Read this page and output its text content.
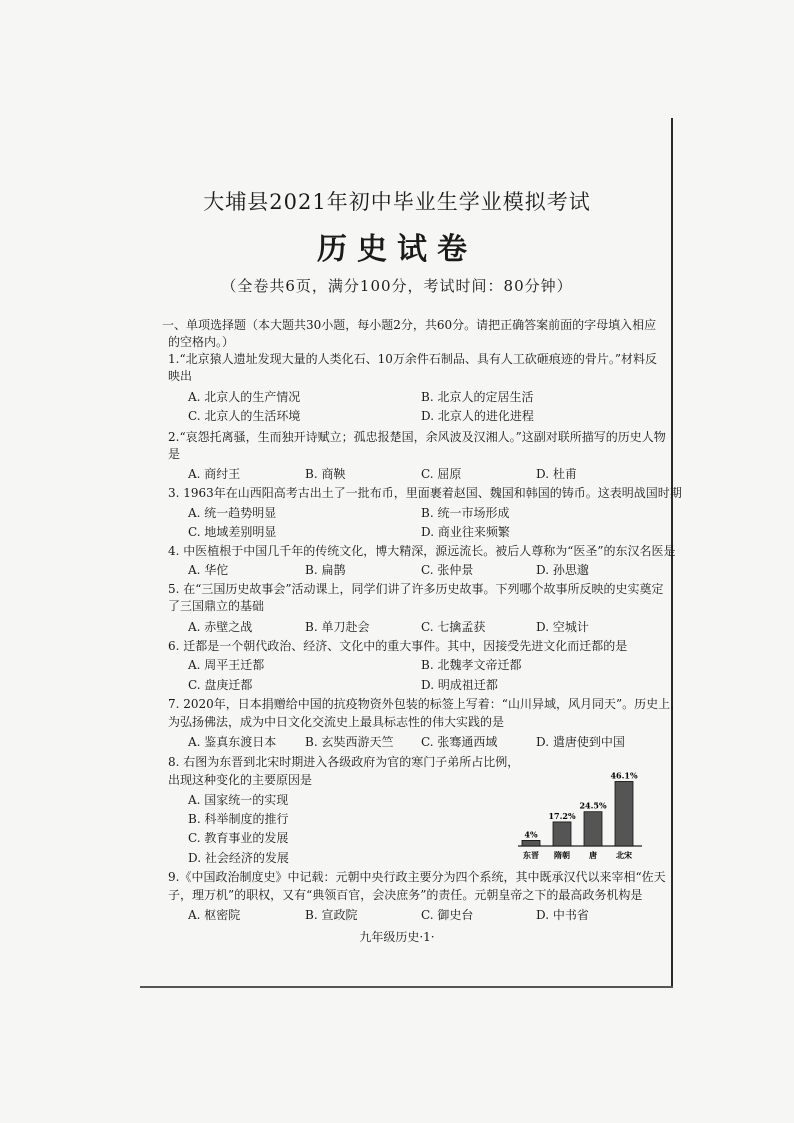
大埔县2021年初中毕业生学业模拟考试
历史试卷
（全卷共6页，满分100分，考试时间：80分钟）
一、单项选择题（本大题共30小题，每小题2分，共60分。请把正确答案前面的字母填入相应
的空格内。）
1.“北京猿人遗址发现大量的人类化石、10万余件石制品、具有人工砍砸痕迹的骨片。”材料反
映出
A. 北京人的生产情况	B. 北京人的定居生活
C. 北京人的生活环境	D. 北京人的进化进程
2.“哀怨托离骚，生而独开诗赋立；孤忠报楚国，余风波及汉湘人。”这副对联所描写的历史人物
是
A. 商纣王	B. 商鞅	C. 屈原	D. 杜甫
3. 1963年在山西阳高考古出土了一批布币，里面裹着赵国、魏国和韩国的铸币。这表明战国时期
A. 统一趋势明显	B. 统一市场形成
C. 地域差别明显	D. 商业往来频繁
4. 中医植根于中国几千年的传统文化，博大精深，源远流长。被后人尊称为“医圣”的东汉名医是
A. 华佗	B. 扁鹊	C. 张仲景	D. 孙思邈
5. 在“三国历史故事会”活动课上，同学们讲了许多历史故事。下列哪个故事所反映的史实奠定
了三国鼎立的基础
A. 赤壁之战	B. 单刀赴会	C. 七擒孟获	D. 空城计
6. 迁都是一个朝代政治、经济、文化中的重大事件。其中，因接受先进文化而迁都的是
A. 周平王迁都	B. 北魏孝文帝迁都
C. 盘庚迁都	D. 明成祖迁都
7. 2020年，日本捐赠给中国的抗疫物资外包装的标签上写着：“山川异域，风月同天”。历史上，
为弘扬佛法，成为中日文化交流史上最具标志性的伟大实践的是
A. 鉴真东渡日本 B. 玄奘西游天竺 C. 张骞通西域	D. 遣唐使到中国
8. 右图为东晋到北宋时期进入各级政府为官的寒门子弟所占比例，
出现这种变化的主要原因是
A. 国家统一的实现
B. 科举制度的推行
C. 教育事业的发展
D. 社会经济的发展
4%
东晋
17.2%
隋朝
24.5%
唐
46.1%
北宋
9.《中国政治制度史》中记载：元朝中央行政主要分为四个系统，其中既承汉代以来宰相“佐天
子，理万机”的职权，又有“典领百官，会决庶务”的责任。元朝皇帝之下的最高政务机构是
A. 枢密院	B. 宣政院	C. 御史台	D. 中书省
九年级历史·1·
